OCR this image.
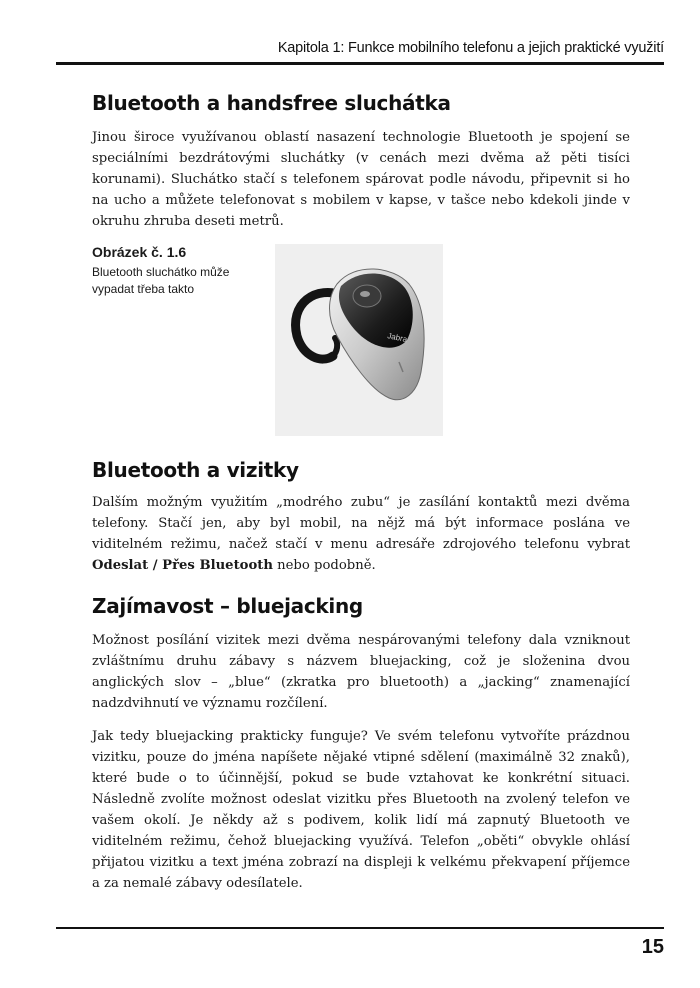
Kapitola 1: Funkce mobilního telefonu a jejich praktické využití
Bluetooth a handsfree sluchátka

Jinou široce využívanou oblastí nasazení technologie Bluetooth je spojení se speciálními bezdrátovými sluchátky (v cenách mezi dvěma až pěti tisíci korunami). Sluchátko stačí s telefonem spárovat podle návodu, připevnit si ho na ucho a můžete telefonovat s mobilem v kapse, v tašce nebo kdekoli jinde v okruhu zhruba deseti metrů.

Obrázek č. 1.6
Bluetooth sluchátko může vypadat třeba takto
Jabra
Bluetooth a vizitky

Dalším možným využitím „modrého zubu“ je zasílání kontaktů mezi dvěma telefony. Stačí jen, aby byl mobil, na nějž má být informace poslána ve viditelném režimu, načež stačí v menu adresáře zdrojového telefonu vybrat Odeslat / Přes Bluetooth nebo podobně.

Zajímavost – bluejacking

Možnost posílání vizitek mezi dvěma nespárovanými telefony dala vzniknout zvláštnímu druhu zábavy s názvem bluejacking, což je složenina dvou anglických slov – „blue“ (zkratka pro bluetooth) a „jacking“ znamenající nadzdvihnutí ve významu rozčílení.

Jak tedy bluejacking prakticky funguje? Ve svém telefonu vytvoříte prázdnou vizitku, pouze do jména napíšete nějaké vtipné sdělení (maximálně 32 znaků), které bude o to účinnější, pokud se bude vztahovat ke konkrétní situaci. Následně zvolíte možnost odeslat vizitku přes Bluetooth na zvolený telefon ve vašem okolí. Je někdy až s podivem, kolik lidí má zapnutý Bluetooth ve viditelném režimu, čehož bluejacking využívá. Telefon „oběti“ obvykle ohlásí přijatou vizitku a text jména zobrazí na displeji k velkému překvapení příjemce a za nemalé zábavy odesílatele.

15
